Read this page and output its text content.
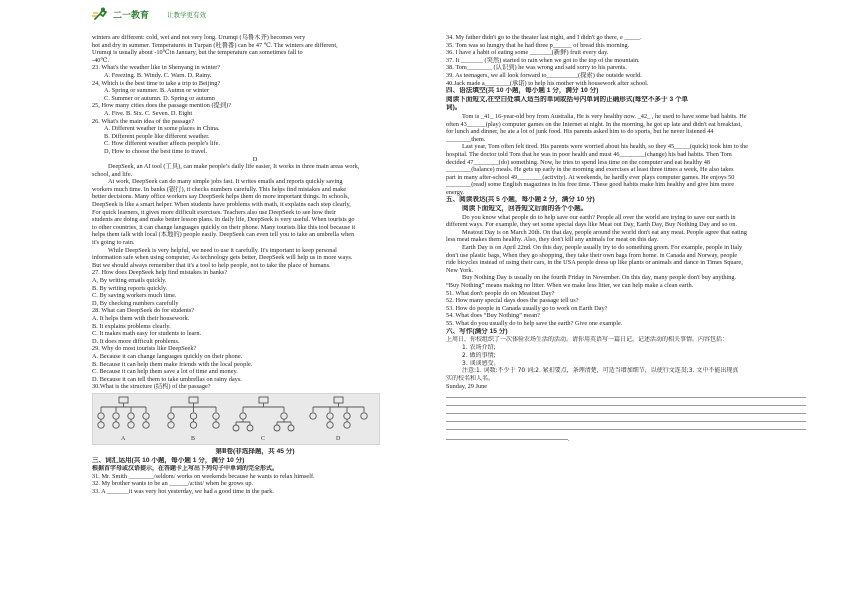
二一教育	让教学更有效
winters are different: cold, wet and not very long. Urumqi (乌鲁木齐) becomes very
hot and dry in summer. Temperatures in Turpan (吐鲁番) can be 47 ℃. The winters are different,
Urumqi is usually about -10℃in January, but the temperature can sometimes fall to
-40℃.
23. What's the weather like in Shenyang in winter?
A. Freezing. B. Windy. C. Warn. D. Rainy.
24, Which is the best time to take a trip to Beijing?
A. Spring or summer. B. Autmn or winter
C. Summer or autumn. D. Spring or autumn
25, How many cities does the passage mention (提到)?
A. Five. B. Six. C. Seven. D. Eight
26. What's the main idea of the passage?
A. Different weather in some places in China.
B. Different people like different weather.
C. How different weather affects people's life.
D, How to choose the best time to travel.
D
DeepSeek, an AI tool (工具), can make people’s daily life easier, It works in three main areas work,
school, and life.
At work, DeepSeek can do many simple jobs fast. It writes emails and reports quickly saving
workers much time. In banks (银行), it checks numbers carefully. This helps find mistakes and make
better decisions. Many office workers say DeepSeek helps them do more important things. In schools,
DeepSeek is like a smart helper. When students have problems with math, it explains each step clearly,
For quick learners, it gives more difficult exercises. Teachers also use DeepSeek to see how their
students are doing and make better lesson plans. In daily life, DeepSeek is very useful. When tourists go
to other countries, it can change languages quickly on their phone. Many tourists like this tool because it
helps them talk with local (本地的) people easily. DeepSeek can even tell you to take an umbrella when
it's going to rain.
While DeepSeek is very helpful, we need to use it carefully. It's important to keep personal
information safe when using computer, As technology gets better, DeepSeek will help us in more ways.
But we should always remember that it's a tool to help people, not to take the place of humans.
27. How does DeepSeek help find mistakes in banks?
A, By writing emails quickly.
B. By writing reports quickly.
C. By saving workers much time.
D, By checking numbers carefully
28. What can DeepSeek do for students?
A. It helps them with their housework.
B. It explains problems clearly.
C. It makes math easy for students to learn.
D. It does more difficult problems.
29. Why do most tourists like DeepSeek?
A. Because it can change languages quickly on their phone.
B. Because it can help them make friends with the local people.
C. Because it can help them save a lot of time and money.
D. Because it can tell them to take umbrellas on rainy days.
30.What is the structure (结构) of the passage?
A	B	C	D
第Ⅱ卷(非选择题，共 45 分)
三、词汇运用(共 10 小题，每小题 1 分，满分 10 分)
根据首字母或汉语提示，在答题卡上写出下列句子中单词的完全形式。
31. Mr. Smith ________/seldom/ works on weekends because he wants to relax himself.
32. My brother wants to be an ______/a:tist/ when he grows up.
33. A _______it was very hot yesterday, we had a good time in the park.
34. My father didn't go to the theater last night, and I didn't go there, e _____.
35. Tom was so hungry that he had three p______ of bread this morning.
36. I have a habit of eating some _______(新鲜) fruit every day.
37. It _______ (突然) started to rain when we got to the top of the mountain.
38. Tom________ (认识到) he was wrong and said sorry to his parents.
39. As teenagers, we all look forward to__________(探索) the outside world.
40.Jack made a________(承诺) to help his mother with housework after school.
四、语法填空(共 10 小题，每小题 1 分，满分 10 分)
阅读下面短文,在空白处填入适当的单词或括号内单词的正确形式(每空不多于 3 个单
词)。
Tom is _41_ 16-year-old boy from Australia, He is very healthy now. _42_ , he used to have some bad habits. He
often 43______(play) computer games on the Internet at night. In the morning, he got up late and didn't eat breakfast,
for lunch and dinner, he ate a lot of junk food. His parents asked him to do sports, but he never listened 44
________them.
Last year, Tom often felt tired. His parents were worried about his health, so they 45_____(quick) took him to the
hospital. The doctor told Tom that he was in poor health and must 46________(change) his bad habits. Then Tom
decided 47________(do) something. Now, he tries to spend less time on the computer and eat healthy 48
________(balance) meals. He gets up early in the morning and exercises at least three times a week, He also takes
part in many after-school 49________(activity). At weekends, he hardly ever plays computer games. He enjoys 50
________(read) some English magazines in his free time. These good habits make him healthy and give him more
energy.
五、阅读表达(共 5 小题，每小题 2 分，满分 10 分)
阅读下面短文，回答短文后面的各个小题。
Do you know what people do to help save our earth? People all over the world are trying to save our earth in
different ways. For example, they set some special days like Meat out Day, Earth Day, Buy Nothing Day and so on.
Meatout Day is on March 20th. On that day, people around the world don't eat any meat. People agree that eating
less meat makes them healthy. Also, they don't kill any animals for meat on this day.
Earth Day is on April 22nd. On this day, people usually try to do something green. For example, people in Italy
don't use plastic bags, When they go shopping, they take their own bags from home. in Canada and Norway, people
ride bicycles instead of using their cars, in the USA people dress up like plants or animals and dance in Times Square,
New York.
Buy Nothing Day is usually on the fourth Friday in November. On this day, many people don't buy anything.
“Buy Nothing” means making no litter. When we make less litter, we can help make a clean earth.
51. What don't people do on Meatout Day?
52. How many special days does the passage tell us?
53. How do people in Canada usually go to work on Earth Day?
54. What does “Buy Nothing” mean?
55. What do you usually do to help save the earth? Give one example.
六、写作(满分 15 分)
上周日，你校组织了一次体验农场生活的活动。请你用英语写一篇日记，记述活动的相关事情。内容包括：
1. 农场介绍;
2. 做的事情;
3. 谈谈感受。
注意:1. 词数:不少于 70 词;2. 紧扣要点，条理清楚，可适当增加细节，以使行文连贯;3. 文中不能出现真
实的校名和人名。
Sunday, 29 June
.
